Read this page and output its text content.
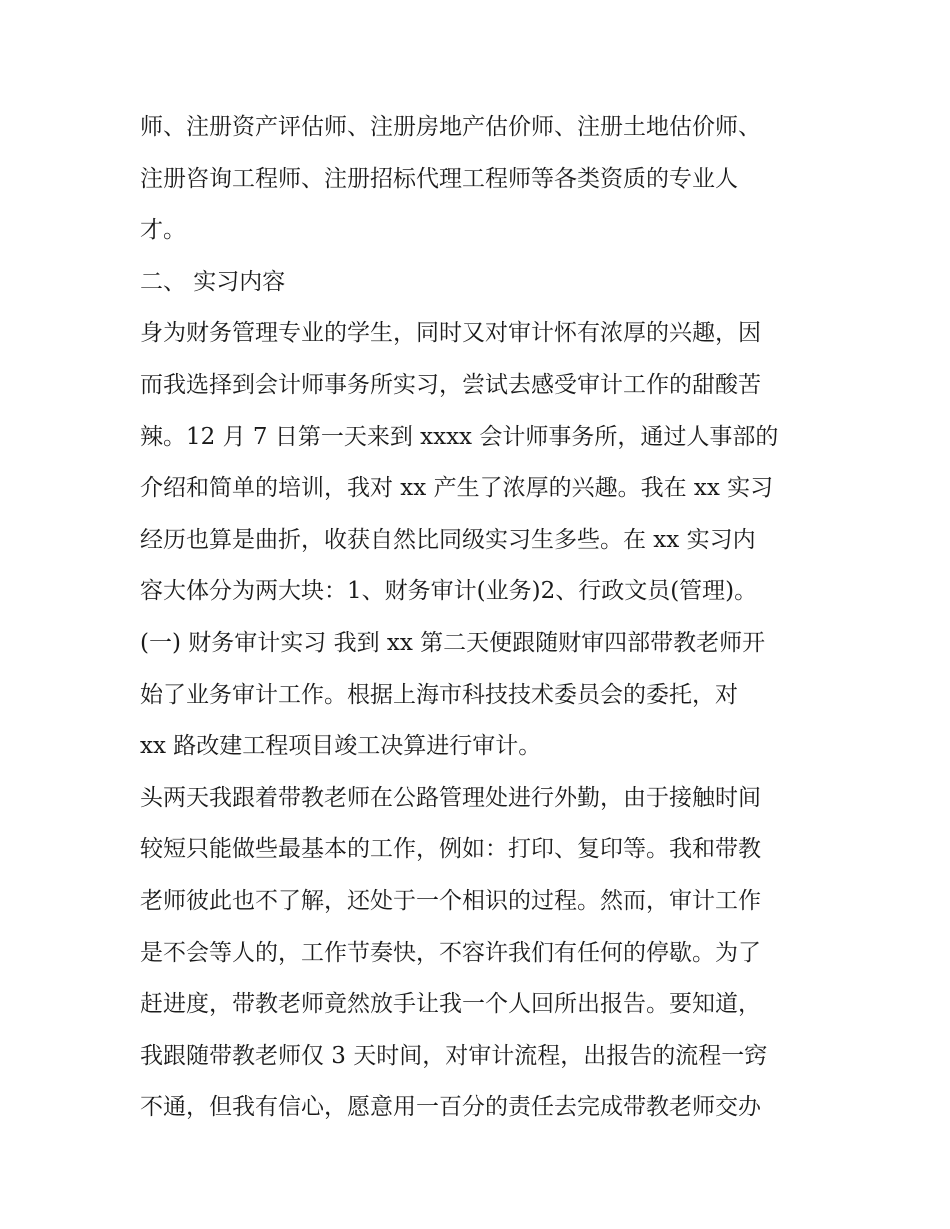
师、注册资产评估师、注册房地产估价师、注册土地估价师、
注册咨询工程师、注册招标代理工程师等各类资质的专业人
才。
二、 实习内容
身为财务管理专业的学生，同时又对审计怀有浓厚的兴趣，因
而我选择到会计师事务所实习，尝试去感受审计工作的甜酸苦
辣。12 月 7 日第一天来到 xxxx 会计师事务所，通过人事部的
介绍和简单的培训，我对 xx 产生了浓厚的兴趣。我在 xx 实习
经历也算是曲折，收获自然比同级实习生多些。在 xx 实习内
容大体分为两大块：1、财务审计(业务)2、行政文员(管理)。
(一) 财务审计实习 我到 xx 第二天便跟随财审四部带教老师开
始了业务审计工作。根据上海市科技技术委员会的委托，对
xx 路改建工程项目竣工决算进行审计。
头两天我跟着带教老师在公路管理处进行外勤，由于接触时间
较短只能做些最基本的工作，例如：打印、复印等。我和带教
老师彼此也不了解，还处于一个相识的过程。然而，审计工作
是不会等人的，工作节奏快，不容许我们有任何的停歇。为了
赶进度，带教老师竟然放手让我一个人回所出报告。要知道，
我跟随带教老师仅 3 天时间，对审计流程，出报告的流程一窍
不通，但我有信心，愿意用一百分的责任去完成带教老师交办
